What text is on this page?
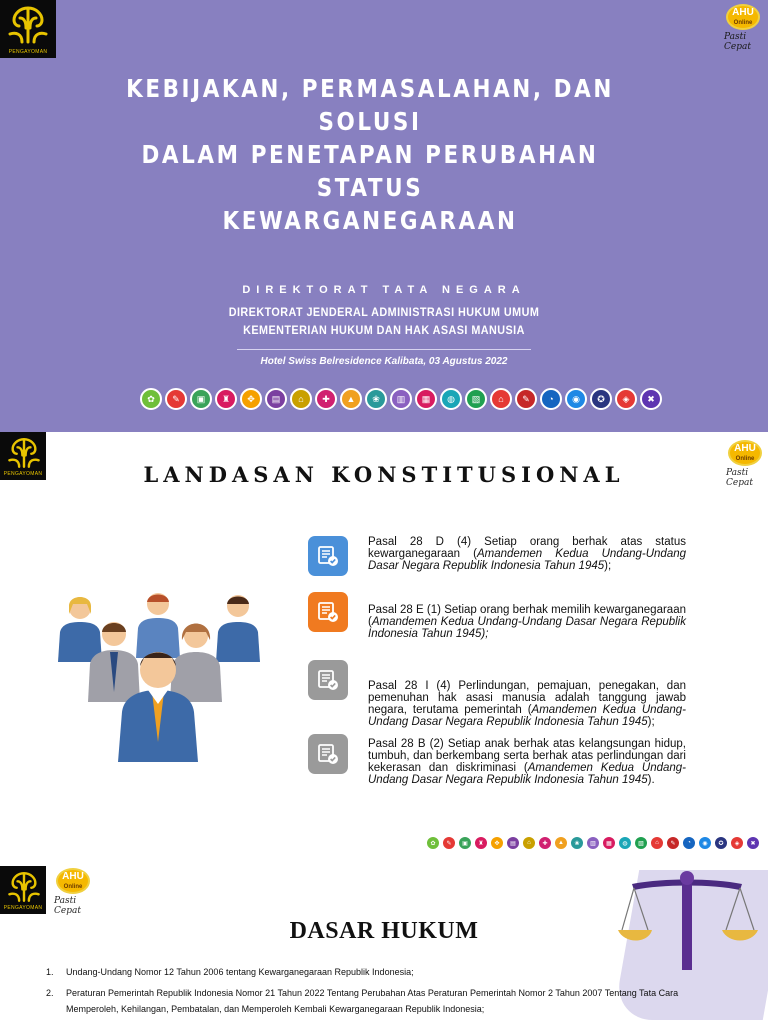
PENGAYOMAN
AHU
Online
Pasti Cepat
KEBIJAKAN, PERMASALAHAN, DAN SOLUSI
DALAM PENETAPAN PERUBAHAN STATUS
KEWARGANEGARAAN
DIREKTORAT TATA NEGARA
DIREKTORAT JENDERAL ADMINISTRASI HUKUM UMUM
KEMENTERIAN HUKUM DAN HAK ASASI MANUSIA
Hotel Swiss Belresidence Kalibata, 03 Agustus 2022
✿	✎	▣	♜	✥	▤	⌂	✚	▲	❀	▥	▦	◍	▧	⌂	✎	◔	◉	✪	◈	✖
PENGAYOMAN
AHU
Online
Pasti Cepat
LANDASAN KONSTITUSIONAL
Pasal 28 D (4) Setiap orang berhak atas status kewarganegaraan (Amandemen Kedua Undang-Undang Dasar Negara Republik Indonesia Tahun 1945);
Pasal 28 E (1) Setiap orang berhak memilih kewarganegaraan (Amandemen Kedua Undang-Undang Dasar Negara Republik Indonesia Tahun 1945);
Pasal 28 I (4) Perlindungan, pemajuan, penegakan, dan pemenuhan hak asasi manusia adalah tanggung jawab negara, terutama pemerintah (Amandemen Kedua Undang-Undang Dasar Negara Republik Indonesia Tahun 1945);
Pasal 28 B (2) Setiap anak berhak atas kelangsungan hidup, tumbuh, dan berkembang serta berhak atas perlindungan dari kekerasan dan diskriminasi (Amandemen Kedua Undang-Undang Dasar Negara Republik Indonesia Tahun 1945).
✿	✎	▣	♜	✥	▤	⌂	✚	▲	❀	▥	▦	◍	▧	⌂	✎	◔	◉	✪	◈	✖
PENGAYOMAN
AHU
Online
Pasti Cepat
DASAR HUKUM
1. Undang-Undang Nomor 12 Tahun 2006 tentang Kewarganegaraan Republik Indonesia;
2. Peraturan Pemerintah Republik Indonesia Nomor 21 Tahun 2022 Tentang Perubahan Atas Peraturan Pemerintah Nomor 2 Tahun 2007 Tentang Tata Cara
Memperoleh, Kehilangan, Pembatalan, dan Memperoleh Kembali Kewarganegaraan Republik Indonesia;
